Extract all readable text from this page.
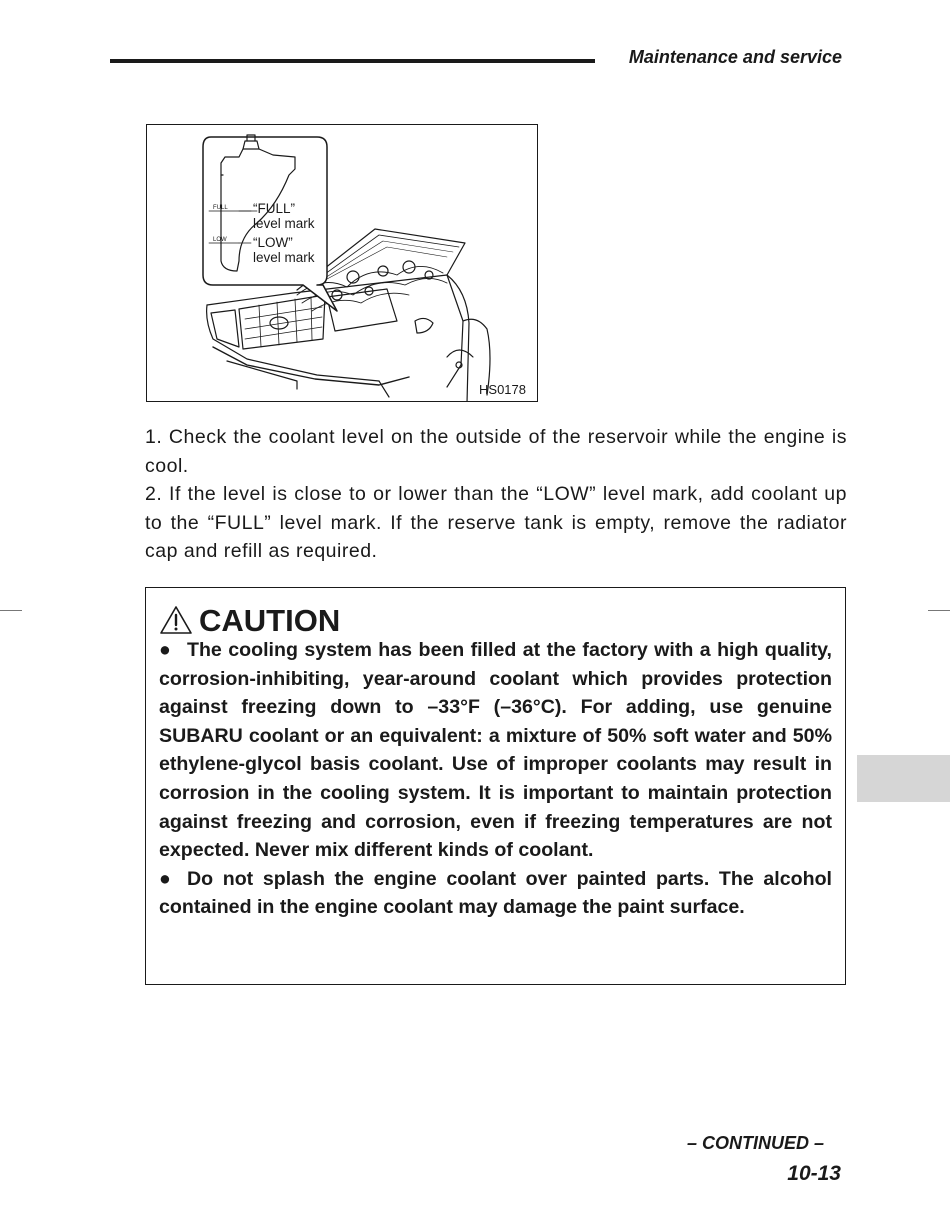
Maintenance and service
FULL
LOW
“FULL”
level mark
“LOW”
level mark
HS0178

1. Check the coolant level on the outside of the reservoir while the engine is cool.

2. If the level is close to or lower than the “LOW” level mark, add coolant up to the “FULL” level mark. If the reserve tank is empty, remove the radiator cap and refill as required.

CAUTION

● The cooling system has been filled at the factory with a high quality, corrosion-inhibiting, year-around coolant which provides protection against freezing down to –33°F (–36°C). For adding, use genuine SUBARU coolant or an equivalent: a mixture of 50% soft water and 50% ethylene-glycol basis coolant. Use of improper coolants may result in corrosion in the cooling system. It is important to maintain protection against freezing and corrosion, even if freezing temperatures are not expected. Never mix different kinds of coolant.

● Do not splash the engine coolant over painted parts. The alcohol contained in the engine coolant may damage the paint surface.

– CONTINUED –
10-13
